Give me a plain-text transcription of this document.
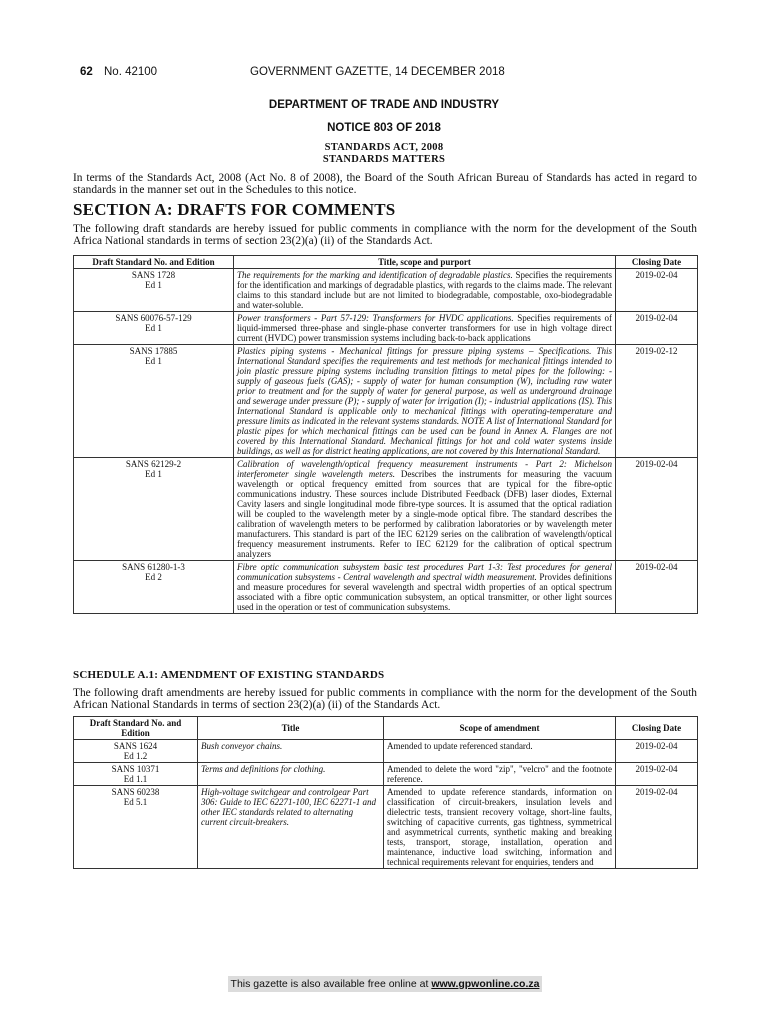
62 No. 42100	GOVERNMENT GAZETTE, 14 DECEMBER 2018
DEPARTMENT OF TRADE AND INDUSTRY
NOTICE 803 OF 2018
STANDARDS ACT, 2008
STANDARDS MATTERS
In terms of the Standards Act, 2008 (Act No. 8 of 2008), the Board of the South African Bureau of Standards has acted in regard to standards in the manner set out in the Schedules to this notice.
SECTION A: DRAFTS FOR COMMENTS
The following draft standards are hereby issued for public comments in compliance with the norm for the development of the South Africa National standards in terms of section 23(2)(a) (ii) of the Standards Act.
Draft Standard No. and Edition	Title, scope and purport	Closing Date

SANS 1728
Ed 1	The requirements for the marking and identification of degradable plastics. Specifies the requirements for the identification and markings of degradable plastics, with regards to the claims made. The relevant claims to this standard include but are not limited to biodegradable, compostable, oxo-biodegradable and water-soluble.	2019-02-04

SANS 60076-57-129
Ed 1	Power transformers - Part 57-129: Transformers for HVDC applications. Specifies requirements of liquid-immersed three-phase and single-phase converter transformers for use in high voltage direct current (HVDC) power transmission systems including back-to-back applications	2019-02-04

SANS 17885
Ed 1	Plastics piping systems - Mechanical fittings for pressure piping systems – Specifications. This International Standard specifies the requirements and test methods for mechanical fittings intended to join plastic pressure piping systems including transition fittings to metal pipes for the following: - supply of gaseous fuels (GAS); - supply of water for human consumption (W), including raw water prior to treatment and for the supply of water for general purpose, as well as underground drainage and sewerage under pressure (P); - supply of water for irrigation (I); - industrial applications (IS). This International Standard is applicable only to mechanical fittings with operating-temperature and pressure limits as indicated in the relevant systems standards. NOTE A list of International Standard for plastic pipes for which mechanical fittings can be used can be found in Annex A. Flanges are not covered by this International Standard. Mechanical fittings for hot and cold water systems inside buildings, as well as for district heating applications, are not covered by this International Standard.	2019-02-12

SANS 62129-2
Ed 1	Calibration of wavelength/optical frequency measurement instruments - Part 2: Michelson interferometer single wavelength meters. Describes the instruments for measuring the vacuum wavelength or optical frequency emitted from sources that are typical for the fibre-optic communications industry. These sources include Distributed Feedback (DFB) laser diodes, External Cavity lasers and single longitudinal mode fibre-type sources. It is assumed that the optical radiation will be coupled to the wavelength meter by a single-mode optical fibre. The standard describes the calibration of wavelength meters to be performed by calibration laboratories or by wavelength meter manufacturers. This standard is part of the IEC 62129 series on the calibration of wavelength/optical frequency measurement instruments. Refer to IEC 62129 for the calibration of optical spectrum analyzers	2019-02-04

SANS 61280-1-3
Ed 2	Fibre optic communication subsystem basic test procedures Part 1-3: Test procedures for general communication subsystems - Central wavelength and spectral width measurement. Provides definitions and measure procedures for several wavelength and spectral width properties of an optical spectrum associated with a fibre optic communication subsystem, an optical transmitter, or other light sources used in the operation or test of communication subsystems.	2019-02-04
SCHEDULE A.1: AMENDMENT OF EXISTING STANDARDS
The following draft amendments are hereby issued for public comments in compliance with the norm for the development of the South African National Standards in terms of section 23(2)(a) (ii) of the Standards Act.
Draft Standard No. and Edition	Title	Scope of amendment	Closing Date

SANS 1624
Ed 1.2	Bush conveyor chains.	Amended to update referenced standard.	2019-02-04

SANS 10371
Ed 1.1	Terms and definitions for clothing.	Amended to delete the word "zip", "velcro" and the footnote reference.	2019-02-04

SANS 60238
Ed 5.1	High-voltage switchgear and controlgear Part 306: Guide to IEC 62271-100, IEC 62271-1 and other IEC standards related to alternating current circuit-breakers.	Amended to update reference standards, information on classification of circuit-breakers, insulation levels and dielectric tests, transient recovery voltage, short-line faults, switching of capacitive currents, gas tightness, symmetrical and asymmetrical currents, synthetic making and breaking tests, transport, storage, installation, operation and maintenance, inductive load switching, information and technical requirements relevant for enquiries, tenders and	2019-02-04
This gazette is also available free online at www.gpwonline.co.za
